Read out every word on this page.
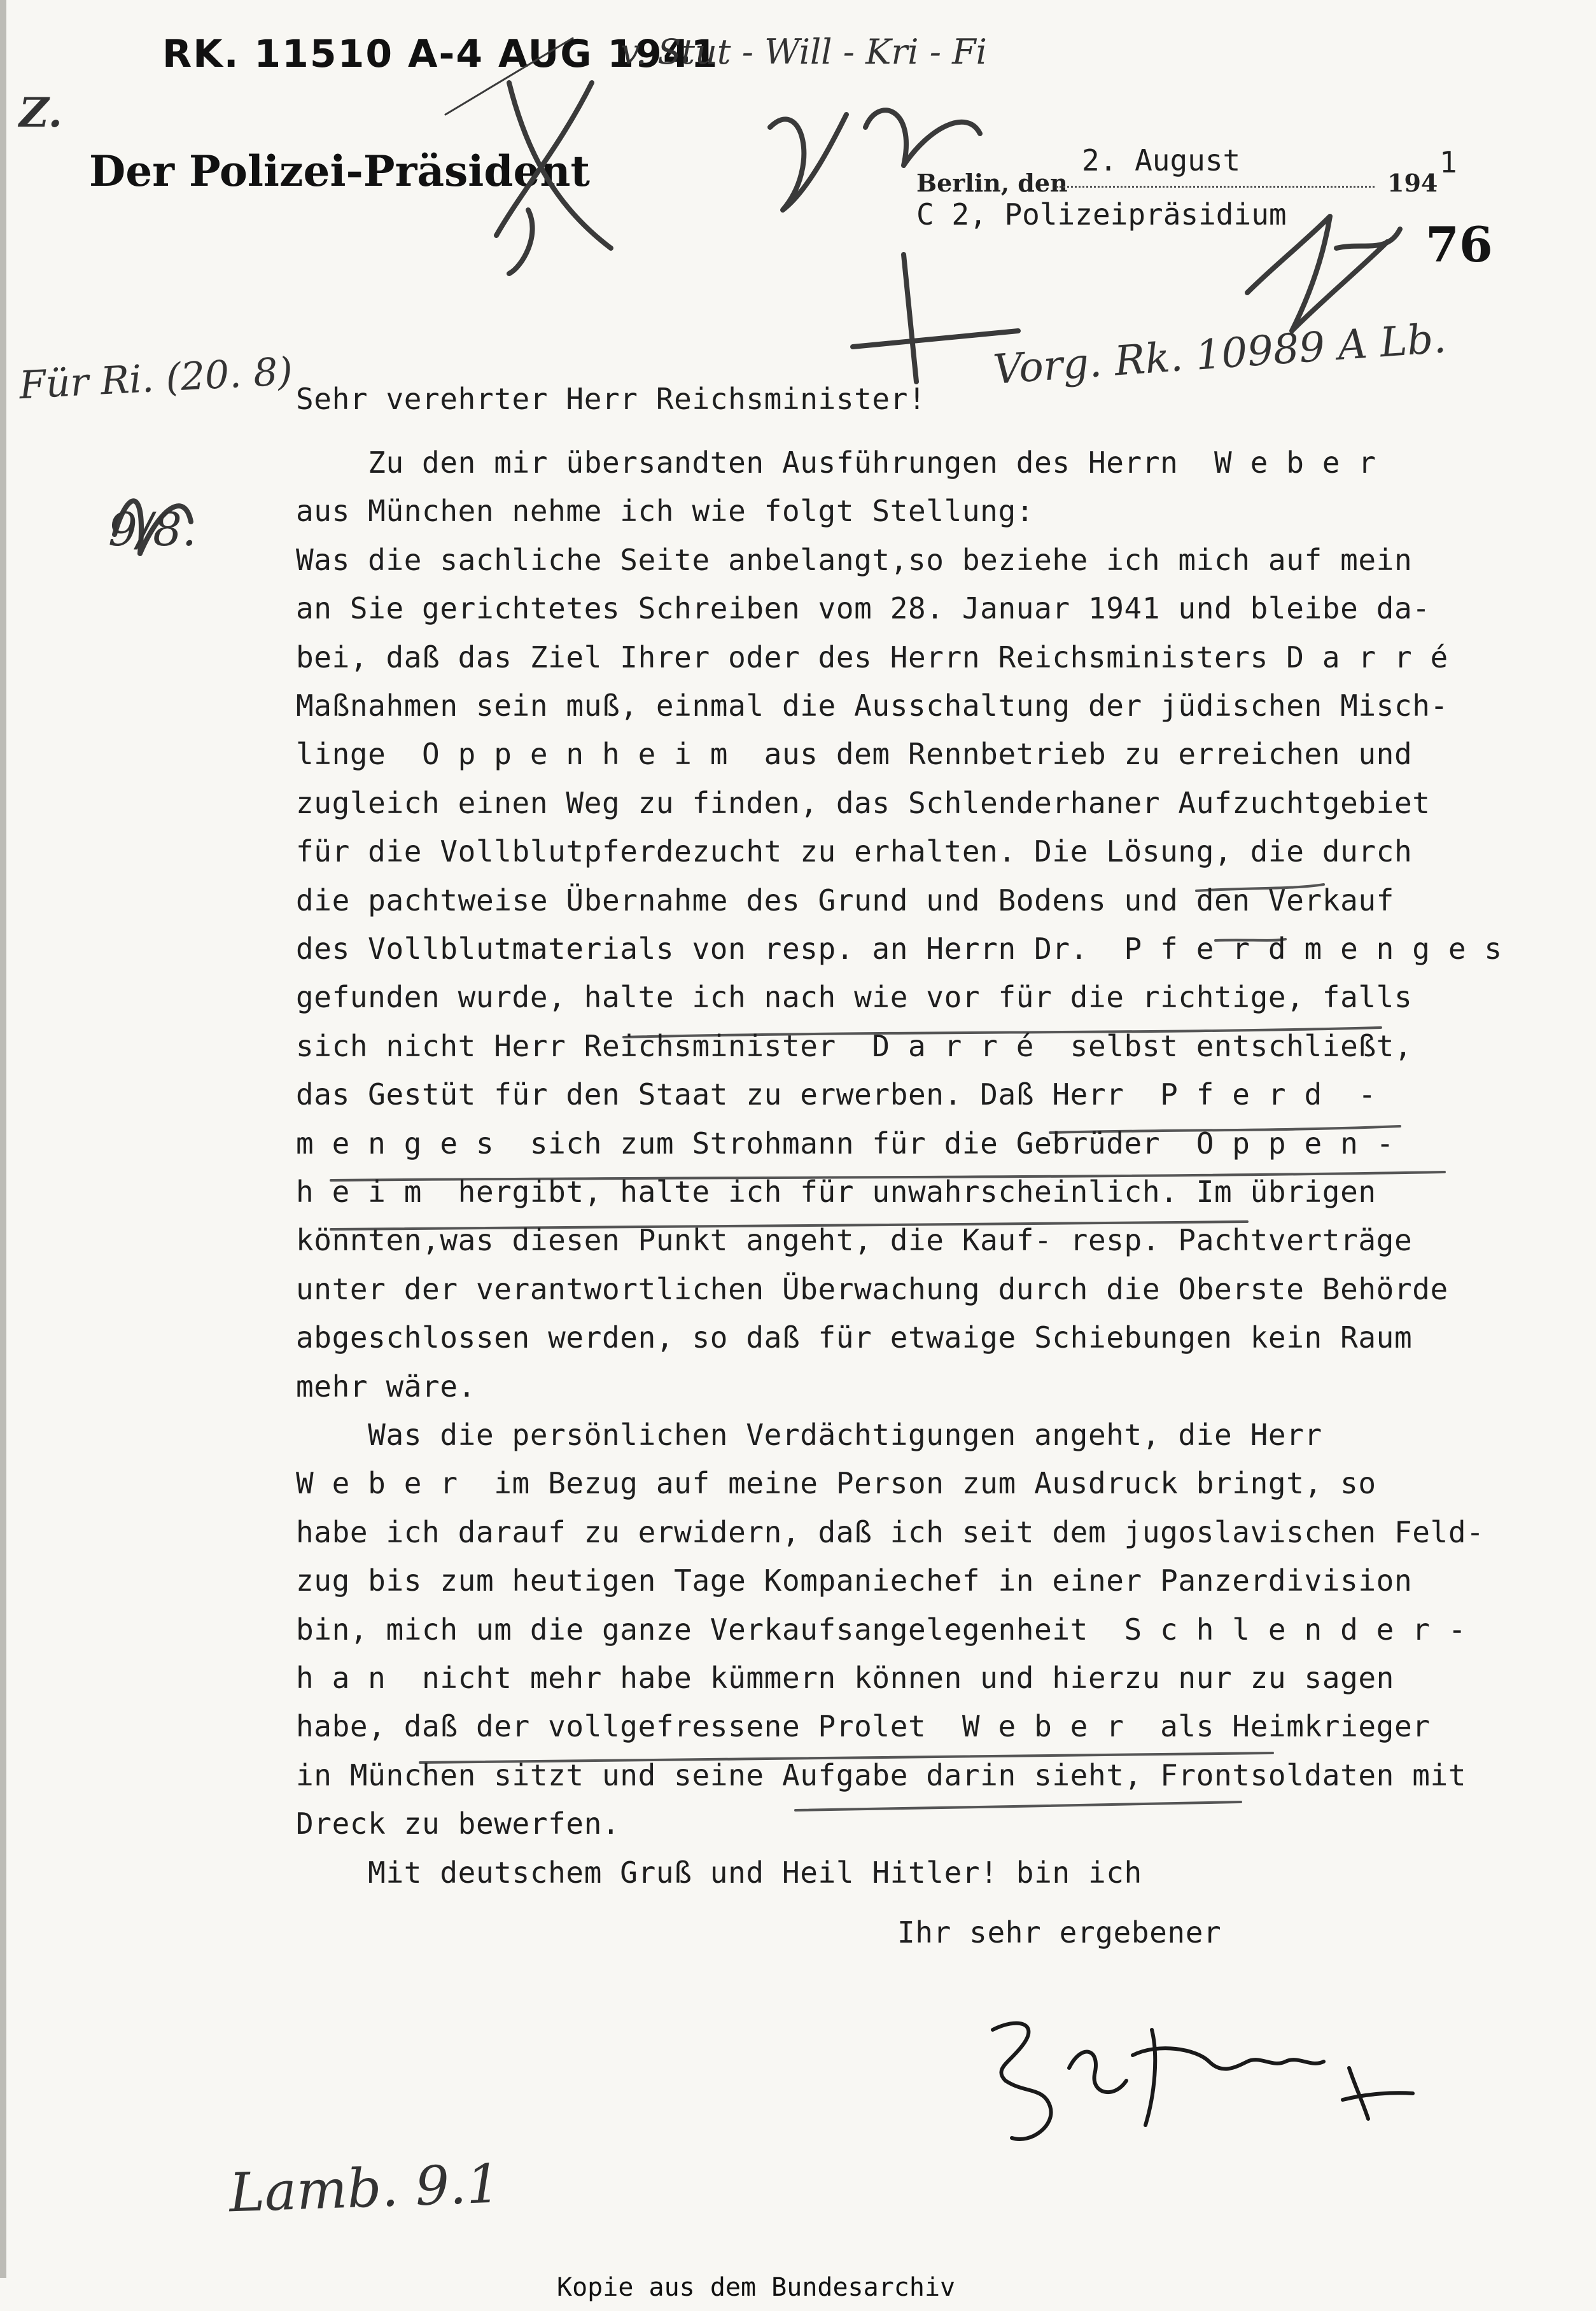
RK. 11510 A-4 AUG 1941
v. Stut - Will - Kri - Fi
Z.
Der Polizei-Präsident	Berlin, den
2. August
194
1
C 2, Polizeipräsidium
76
Vorg. Rk. 10989 A Lb.
Für Ri. (20. 8)
9/8.
Sehr verehrter Herr Reichsminister!
Zu den mir übersandten Ausführungen des Herrn  W e b e r
aus München nehme ich wie folgt Stellung:
Was die sachliche Seite anbelangt,so beziehe ich mich auf mein
an Sie gerichtetes Schreiben vom 28. Januar 1941 und bleibe da-
bei, daß das Ziel Ihrer oder des Herrn Reichsministers D a r r é
Maßnahmen sein muß, einmal die Ausschaltung der jüdischen Misch-
linge  O p p e n h e i m  aus dem Rennbetrieb zu erreichen und
zugleich einen Weg zu finden, das Schlenderhaner Aufzuchtgebiet
für die Vollblutpferdezucht zu erhalten. Die Lösung, die durch
die pachtweise Übernahme des Grund und Bodens und den Verkauf
des Vollblutmaterials von resp. an Herrn Dr.  P f e r d m e n g e s
gefunden wurde, halte ich nach wie vor für die richtige, falls
sich nicht Herr Reichsminister  D a r r é  selbst entschließt,
das Gestüt für den Staat zu erwerben. Daß Herr  P f e r d  -
m e n g e s  sich zum Strohmann für die Gebrüder  O p p e n -
h e i m  hergibt, halte ich für unwahrscheinlich. Im übrigen
könnten,was diesen Punkt angeht, die Kauf- resp. Pachtverträge
unter der verantwortlichen Überwachung durch die Oberste Behörde
abgeschlossen werden, so daß für etwaige Schiebungen kein Raum
mehr wäre.
Was die persönlichen Verdächtigungen angeht, die Herr
W e b e r  im Bezug auf meine Person zum Ausdruck bringt, so
habe ich darauf zu erwidern, daß ich seit dem jugoslavischen Feld-
zug bis zum heutigen Tage Kompaniechef in einer Panzerdivision
bin, mich um die ganze Verkaufsangelegenheit  S c h l e n d e r -
h a n  nicht mehr habe kümmern können und hierzu nur zu sagen
habe, daß der vollgefressene Prolet  W e b e r  als Heimkrieger
in München sitzt und seine Aufgabe darin sieht, Frontsoldaten mit
Dreck zu bewerfen.
Mit deutschem Gruß und Heil Hitler! bin ich
Ihr sehr ergebener
Lamb. 9.1
Kopie aus dem Bundesarchiv
